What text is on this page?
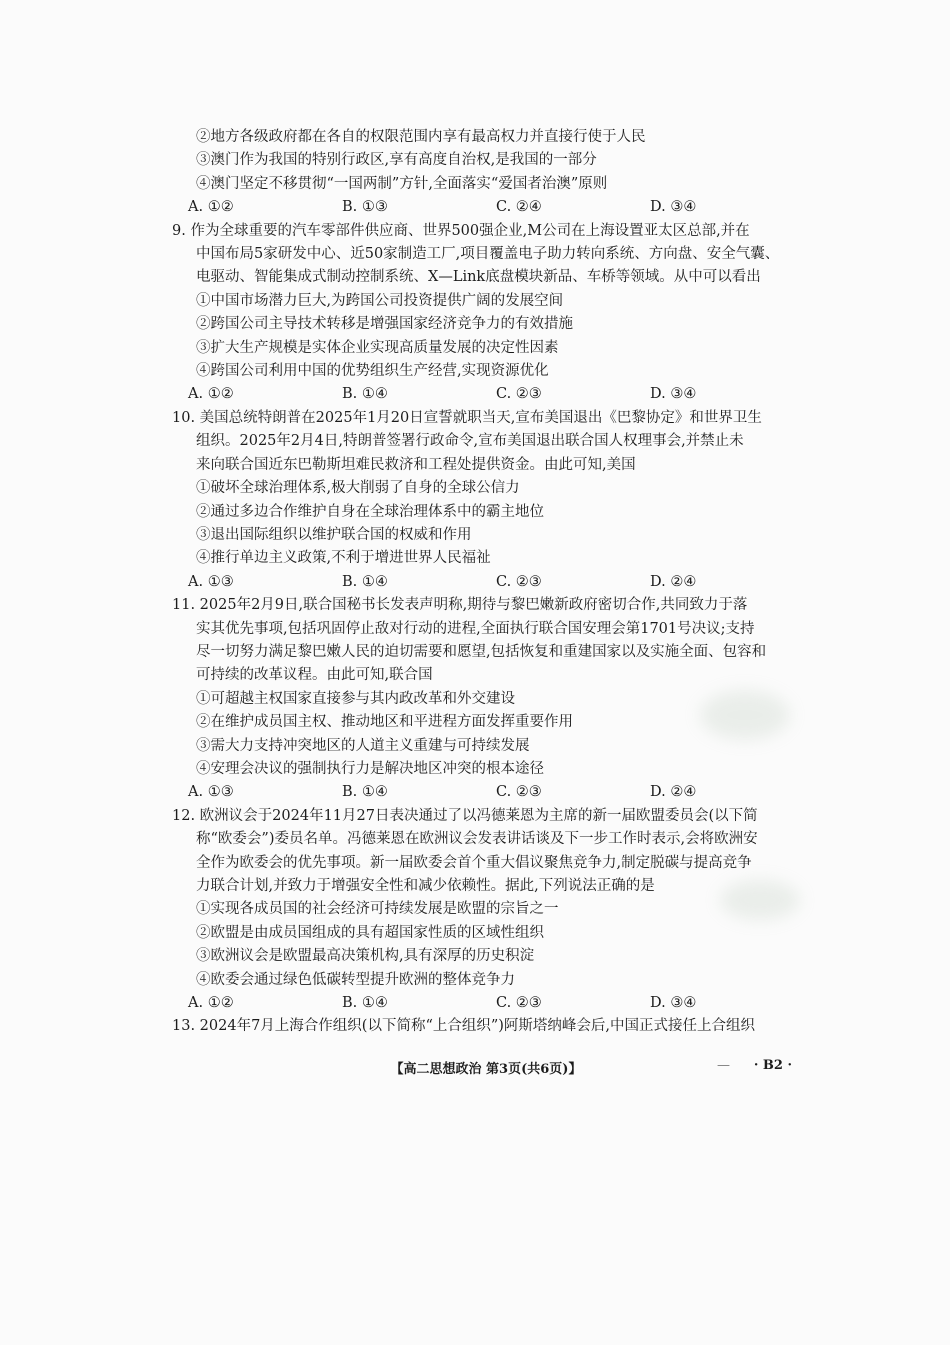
②地方各级政府都在各自的权限范围内享有最高权力并直接行使于人民
③澳门作为我国的特别行政区,享有高度自治权,是我国的一部分
④澳门坚定不移贯彻“一国两制”方针,全面落实“爱国者治澳”原则
A. ①②	B. ①③	C. ②④	D. ③④
9. 作为全球重要的汽车零部件供应商、世界500强企业,M公司在上海设置亚太区总部,并在
中国布局5家研发中心、近50家制造工厂,项目覆盖电子助力转向系统、方向盘、安全气囊、
电驱动、智能集成式制动控制系统、X—Link底盘模块新品、车桥等领域。从中可以看出
①中国市场潜力巨大,为跨国公司投资提供广阔的发展空间
②跨国公司主导技术转移是增强国家经济竞争力的有效措施
③扩大生产规模是实体企业实现高质量发展的决定性因素
④跨国公司利用中国的优势组织生产经营,实现资源优化
A. ①②	B. ①④	C. ②③	D. ③④
10. 美国总统特朗普在2025年1月20日宣誓就职当天,宣布美国退出《巴黎协定》和世界卫生
组织。2025年2月4日,特朗普签署行政命令,宣布美国退出联合国人权理事会,并禁止未
来向联合国近东巴勒斯坦难民救济和工程处提供资金。由此可知,美国
①破坏全球治理体系,极大削弱了自身的全球公信力
②通过多边合作维护自身在全球治理体系中的霸主地位
③退出国际组织以维护联合国的权威和作用
④推行单边主义政策,不利于增进世界人民福祉
A. ①③	B. ①④	C. ②③	D. ②④
11. 2025年2月9日,联合国秘书长发表声明称,期待与黎巴嫩新政府密切合作,共同致力于落
实其优先事项,包括巩固停止敌对行动的进程,全面执行联合国安理会第1701号决议;支持
尽一切努力满足黎巴嫩人民的迫切需要和愿望,包括恢复和重建国家以及实施全面、包容和
可持续的改革议程。由此可知,联合国
①可超越主权国家直接参与其内政改革和外交建设
②在维护成员国主权、推动地区和平进程方面发挥重要作用
③需大力支持冲突地区的人道主义重建与可持续发展
④安理会决议的强制执行力是解决地区冲突的根本途径
A. ①③	B. ①④	C. ②③	D. ②④
12. 欧洲议会于2024年11月27日表决通过了以冯德莱恩为主席的新一届欧盟委员会(以下简
称“欧委会”)委员名单。冯德莱恩在欧洲议会发表讲话谈及下一步工作时表示,会将欧洲安
全作为欧委会的优先事项。新一届欧委会首个重大倡议聚焦竞争力,制定脱碳与提高竞争
力联合计划,并致力于增强安全性和减少依赖性。据此,下列说法正确的是
①实现各成员国的社会经济可持续发展是欧盟的宗旨之一
②欧盟是由成员国组成的具有超国家性质的区域性组织
③欧洲议会是欧盟最高决策机构,具有深厚的历史积淀
④欧委会通过绿色低碳转型提升欧洲的整体竞争力
A. ①②	B. ①④	C. ②③	D. ③④
13. 2024年7月上海合作组织(以下简称“上合组织”)阿斯塔纳峰会后,中国正式接任上合组织
【高二思想政治 第3页(共6页)】	— · B2 ·
